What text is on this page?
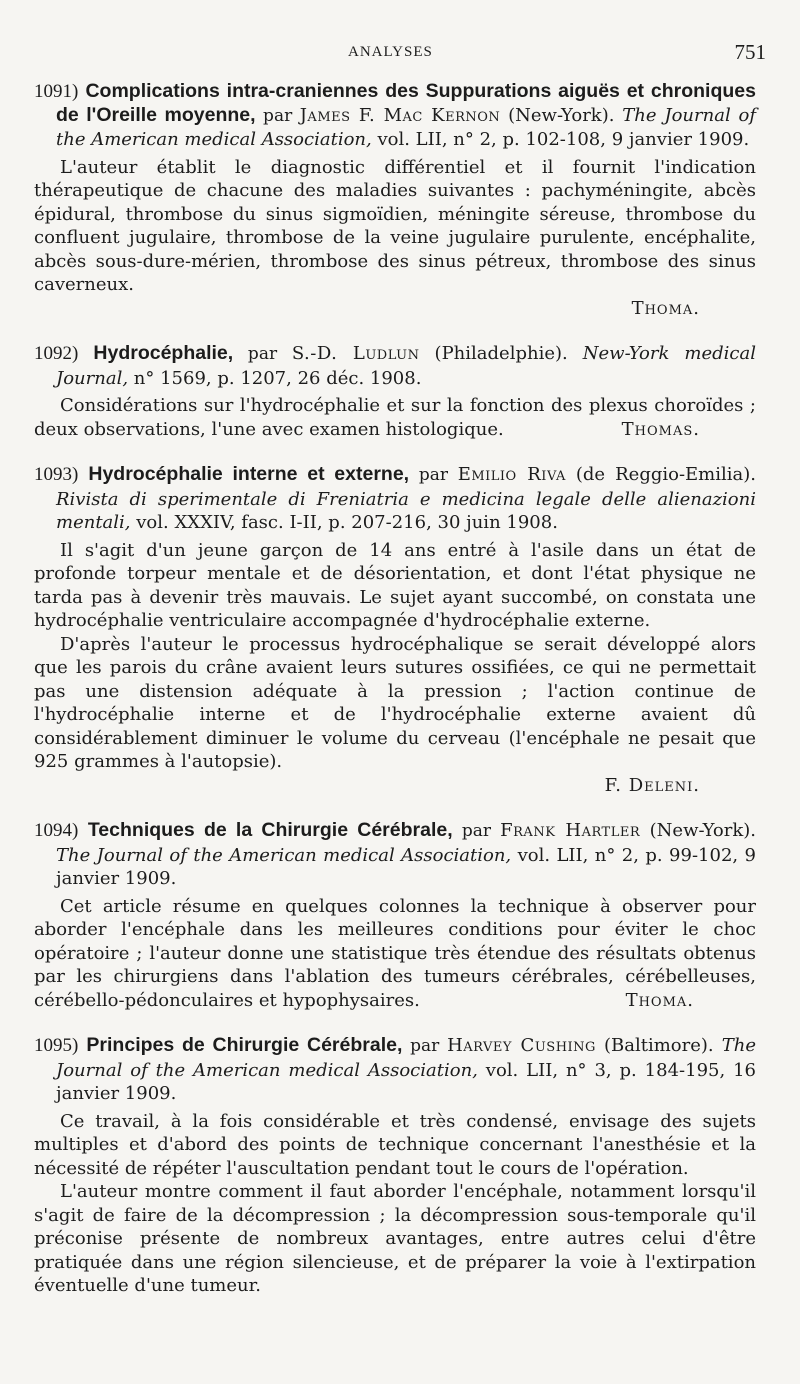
ANALYSES	751
1091) Complications intra-craniennes des Suppurations aiguës et chroniques de l'Oreille moyenne, par James F. Mac Kernon (New-York). The Journal of the American medical Association, vol. LII, n° 2, p. 102-108, 9 janvier 1909.

L'auteur établit le diagnostic différentiel et il fournit l'indication thérapeutique de chacune des maladies suivantes : pachyméningite, abcès épidural, thrombose du sinus sigmoïdien, méningite séreuse, thrombose du confluent jugulaire, thrombose de la veine jugulaire purulente, encéphalite, abcès sous-dure-mérien, thrombose des sinus pétreux, thrombose des sinus caverneux.

Thoma.
1092) Hydrocéphalie, par S.-D. Ludlun (Philadelphie). New-York medical Journal, n° 1569, p. 1207, 26 déc. 1908.

Considérations sur l'hydrocéphalie et sur la fonction des plexus choroïdes ; deux observations, l'une avec examen histologique.	Thomas.

1093) Hydrocéphalie interne et externe, par Emilio Riva (de Reggio-Emilia). Rivista di sperimentale di Freniatria e medicina legale delle alienazioni mentali, vol. XXXIV, fasc. I-II, p. 207-216, 30 juin 1908.

Il s'agit d'un jeune garçon de 14 ans entré à l'asile dans un état de profonde torpeur mentale et de désorientation, et dont l'état physique ne tarda pas à devenir très mauvais. Le sujet ayant succombé, on constata une hydrocéphalie ventriculaire accompagnée d'hydrocéphalie externe.

D'après l'auteur le processus hydrocéphalique se serait développé alors que les parois du crâne avaient leurs sutures ossifiées, ce qui ne permettait pas une distension adéquate à la pression ; l'action continue de l'hydrocéphalie interne et de l'hydrocéphalie externe avaient dû considérablement diminuer le volume du cerveau (l'encéphale ne pesait que 925 grammes à l'autopsie).

F. Deleni.
1094) Techniques de la Chirurgie Cérébrale, par Frank Hartler (New-York). The Journal of the American medical Association, vol. LII, n° 2, p. 99-102, 9 janvier 1909.

Cet article résume en quelques colonnes la technique à observer pour aborder l'encéphale dans les meilleures conditions pour éviter le choc opératoire ; l'auteur donne une statistique très étendue des résultats obtenus par les chirurgiens dans l'ablation des tumeurs cérébrales, cérébelleuses, cérébello-pédonculaires et hypophysaires.	Thoma.

1095) Principes de Chirurgie Cérébrale, par Harvey Cushing (Baltimore). The Journal of the American medical Association, vol. LII, n° 3, p. 184-195, 16 janvier 1909.

Ce travail, à la fois considérable et très condensé, envisage des sujets multiples et d'abord des points de technique concernant l'anesthésie et la nécessité de répéter l'auscultation pendant tout le cours de l'opération.

L'auteur montre comment il faut aborder l'encéphale, notamment lorsqu'il s'agit de faire de la décompression ; la décompression sous-temporale qu'il préconise présente de nombreux avantages, entre autres celui d'être pratiquée dans une région silencieuse, et de préparer la voie à l'extirpation éventuelle d'une tumeur.
